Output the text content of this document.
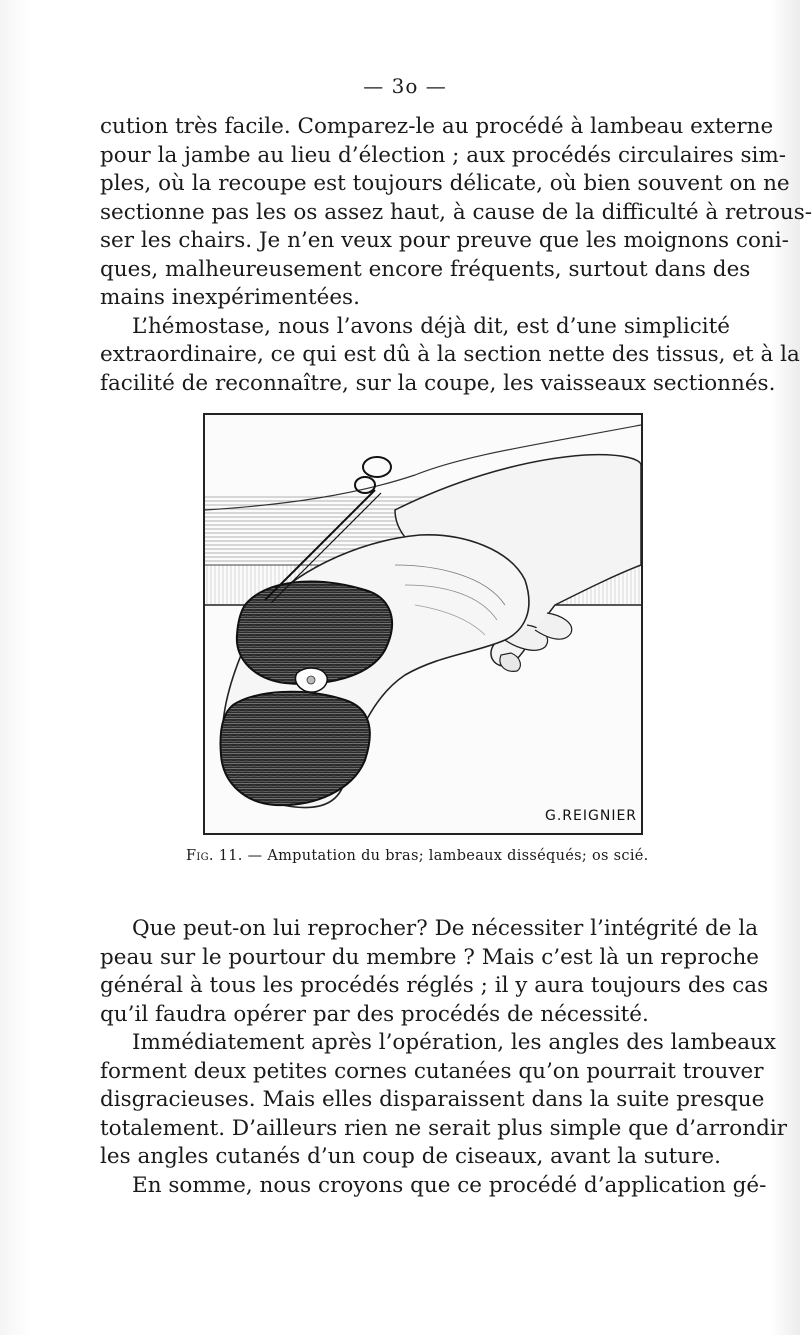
— 3o —
cution très facile. Comparez-le au procédé à lambeau externe
pour la jambe au lieu d’élection ; aux procédés circulaires sim-
ples, où la recoupe est toujours délicate, où bien souvent on ne
sectionne pas les os assez haut, à cause de la difficulté à retrous-
ser les chairs. Je n’en veux pour preuve que les moignons coni-
ques, malheureusement encore fréquents, surtout dans des
mains inexpérimentées.
L’hémostase, nous l’avons déjà dit, est d’une simplicité
extraordinaire, ce qui est dû à la section nette des tissus, et à la
facilité de reconnaître, sur la coupe, les vaisseaux sectionnés.
G.REIGNIER
Fig. 11. — Amputation du bras; lambeaux disséqués; os scié.
Que peut-on lui reprocher? De nécessiter l’intégrité de la
peau sur le pourtour du membre ? Mais c’est là un reproche
général à tous les procédés réglés ; il y aura toujours des cas
qu’il faudra opérer par des procédés de nécessité.
Immédiatement après l’opération, les angles des lambeaux
forment deux petites cornes cutanées qu’on pourrait trouver
disgracieuses. Mais elles disparaissent dans la suite presque
totalement. D’ailleurs rien ne serait plus simple que d’arrondir
les angles cutanés d’un coup de ciseaux, avant la suture.
En somme, nous croyons que ce procédé d’application gé-
